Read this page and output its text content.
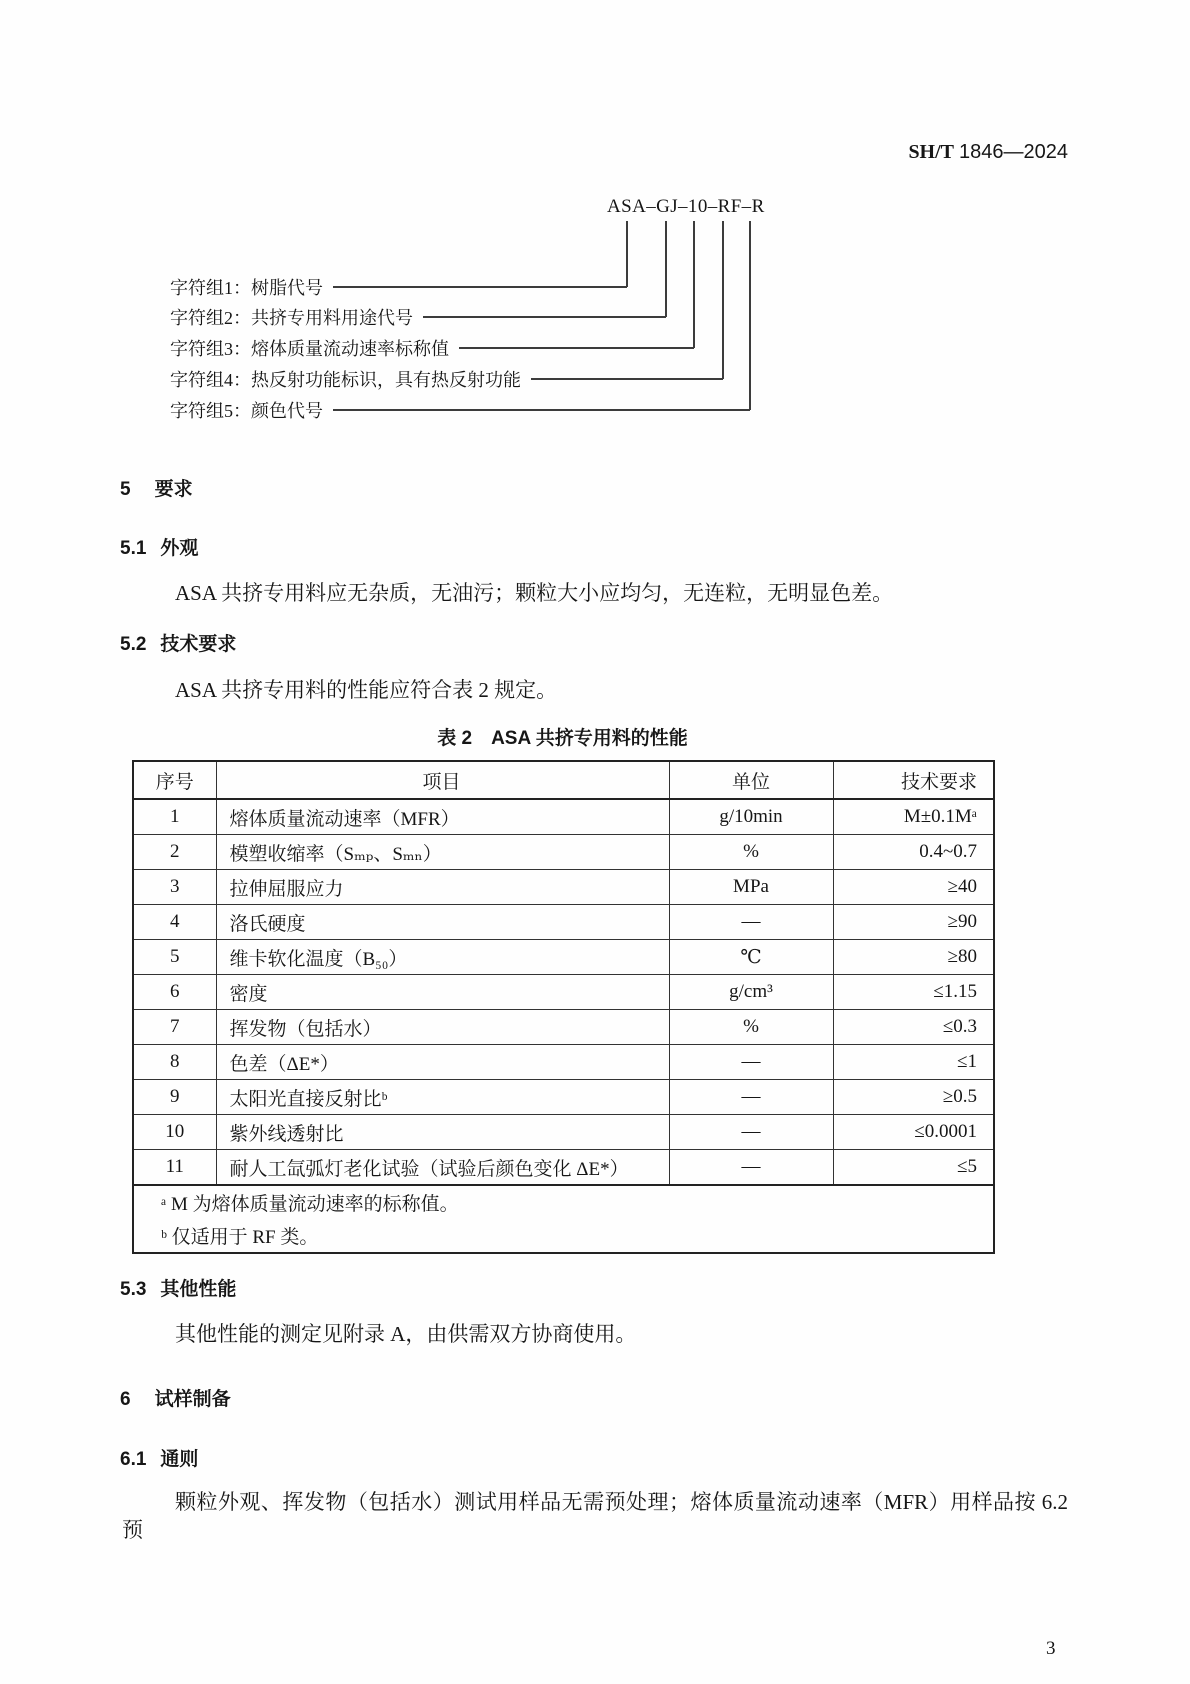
SH/T 1846—2024
ASA–GJ–10–RF–R
字符组1：树脂代号
字符组2：共挤专用料用途代号
字符组3：熔体质量流动速率标称值
字符组4：热反射功能标识，具有热反射功能
字符组5：颜色代号
5 要求
5.1 外观
ASA 共挤专用料应无杂质，无油污；颗粒大小应均匀，无连粒，无明显色差。
5.2 技术要求
ASA 共挤专用料的性能应符合表 2 规定。
表 2　ASA 共挤专用料的性能
序号	项目	单位	技术要求
1	熔体质量流动速率（MFR）	g/10min	M±0.1Mᵃ
2	模塑收缩率（Sₘₚ、Sₘₙ）	%	0.4~0.7
3	拉伸屈服应力	MPa	≥40
4	洛氏硬度	—	≥90
5	维卡软化温度（B₅₀）	℃	≥80
6	密度	g/cm³	≤1.15
7	挥发物（包括水）	%	≤0.3
8	色差（ΔE*）	—	≤1
9	太阳光直接反射比ᵇ	—	≥0.5
10	紫外线透射比	—	≤0.0001
11	耐人工氙弧灯老化试验（试验后颜色变化 ΔE*）	—	≤5
ᵃ M 为熔体质量流动速率的标称值。			
ᵇ 仅适用于 RF 类。			
5.3 其他性能
其他性能的测定见附录 A，由供需双方协商使用。
6 试样制备
6.1 通则
颗粒外观、挥发物（包括水）测试用样品无需预处理；熔体质量流动速率（MFR）用样品按 6.2 预
3
